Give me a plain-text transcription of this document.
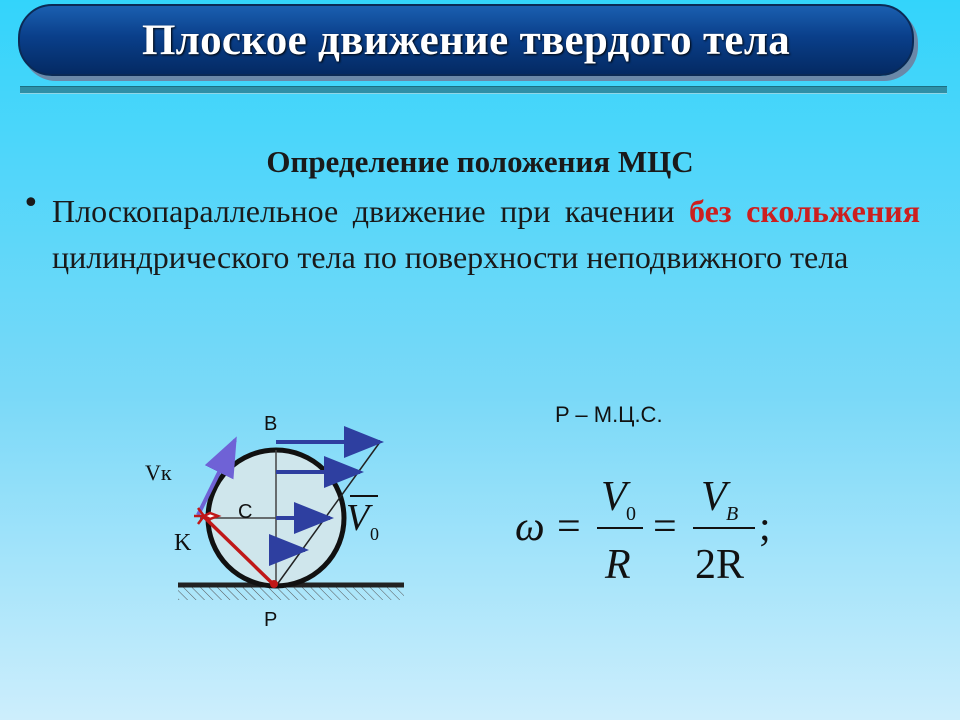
Плоское движение твердого тела
Определение положения МЦС
• Плоскопараллельное движение при качении без скольжения цилиндрического тела по поверхности неподвижного тела
P – М.Ц.С.
B
C
P
K
Vк
V 0	ω =
V 0
R
=
V B
2R
;
